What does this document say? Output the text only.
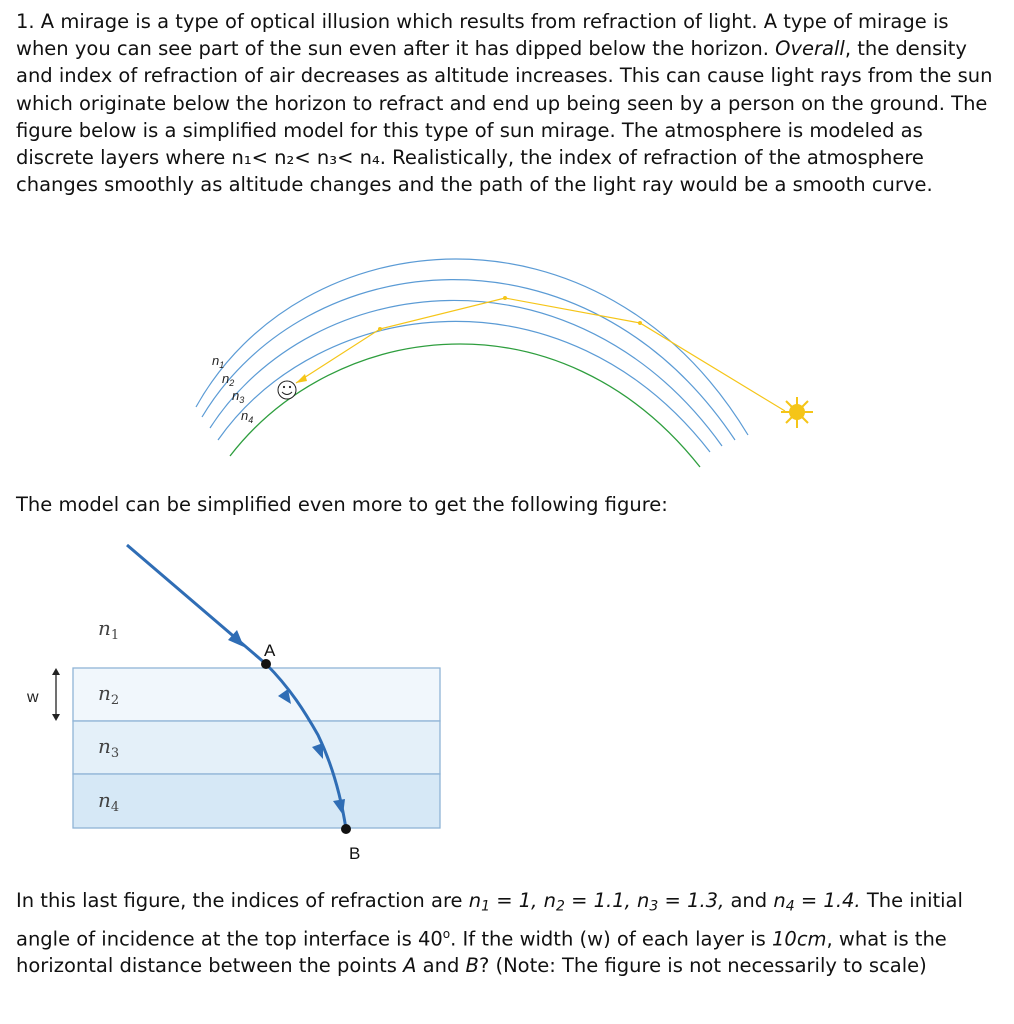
1. A mirage is a type of optical illusion which results from refraction of light. A type of mirage is when you can see part of the sun even after it has dipped below the horizon. Overall, the density and index of refraction of air decreases as altitude increases. This can cause light rays from the sun which originate below the horizon to refract and end up being seen by a person on the ground. The figure below is a simplified model for this type of sun mirage. The atmosphere is modeled as discrete layers where n₁< n₂< n₃< n₄. Realistically, the index of refraction of the atmosphere changes smoothly as altitude changes and the path of the light ray would be a smooth curve.
$n_1$
$n_2$
$n_3$
$n_4$
The model can be simplified even more to get the following figure:
w
A
B
$n_1$
$n_2$
$n_3$
$n_4$
In this last figure, the indices of refraction are $n_1 = 1$, $n_2 = 1.1$, $n_3 = 1.3$, and $n_4 = 1.4$. The initial angle of incidence at the top interface is 40$^o$. If the width (w) of each layer is 10cm, what is the horizontal distance between the points A and B? (Note: The figure is not necessarily to scale)
